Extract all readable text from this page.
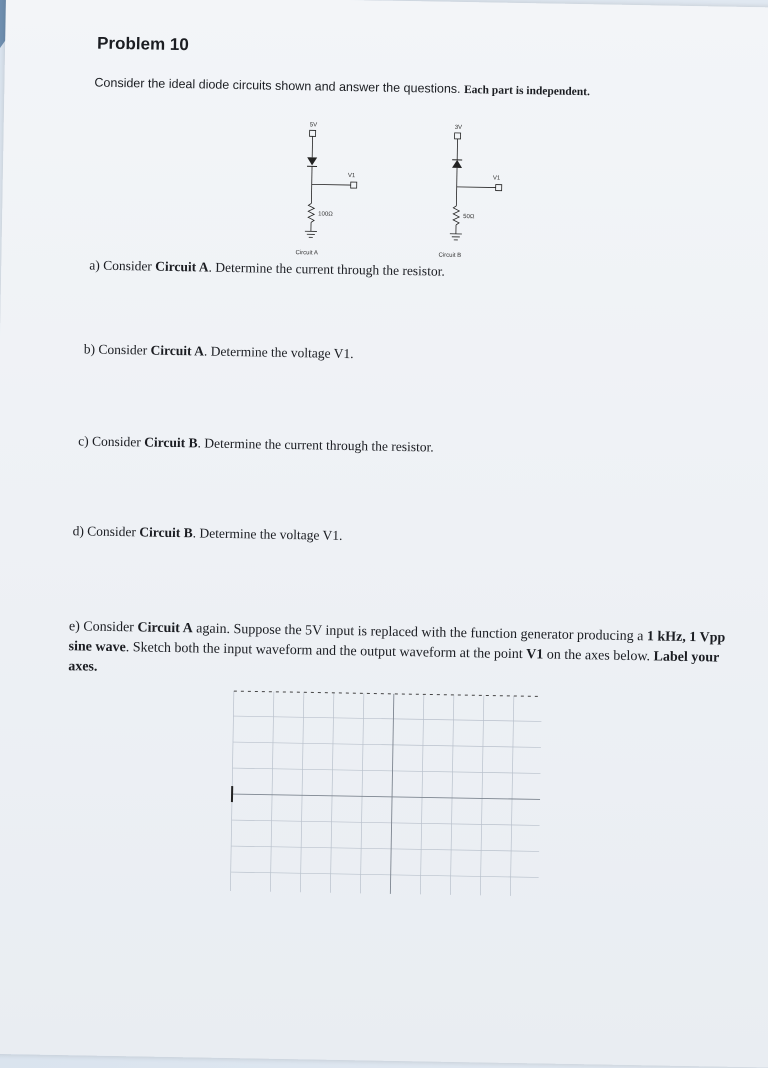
Problem 10
Consider the ideal diode circuits shown and answer the questions. Each part is independent.
5V
V1
100Ω
Circuit A
3V
V1
50Ω
Circuit B
a) Consider Circuit A. Determine the current through the resistor.
b) Consider Circuit A. Determine the voltage V1.
c) Consider Circuit B. Determine the current through the resistor.
d) Consider Circuit B. Determine the voltage V1.
e) Consider Circuit A again. Suppose the 5V input is replaced with the function generator producing a 1 kHz, 1 Vpp sine wave. Sketch both the input waveform and the output waveform at the point V1 on the axes below. Label your axes.
